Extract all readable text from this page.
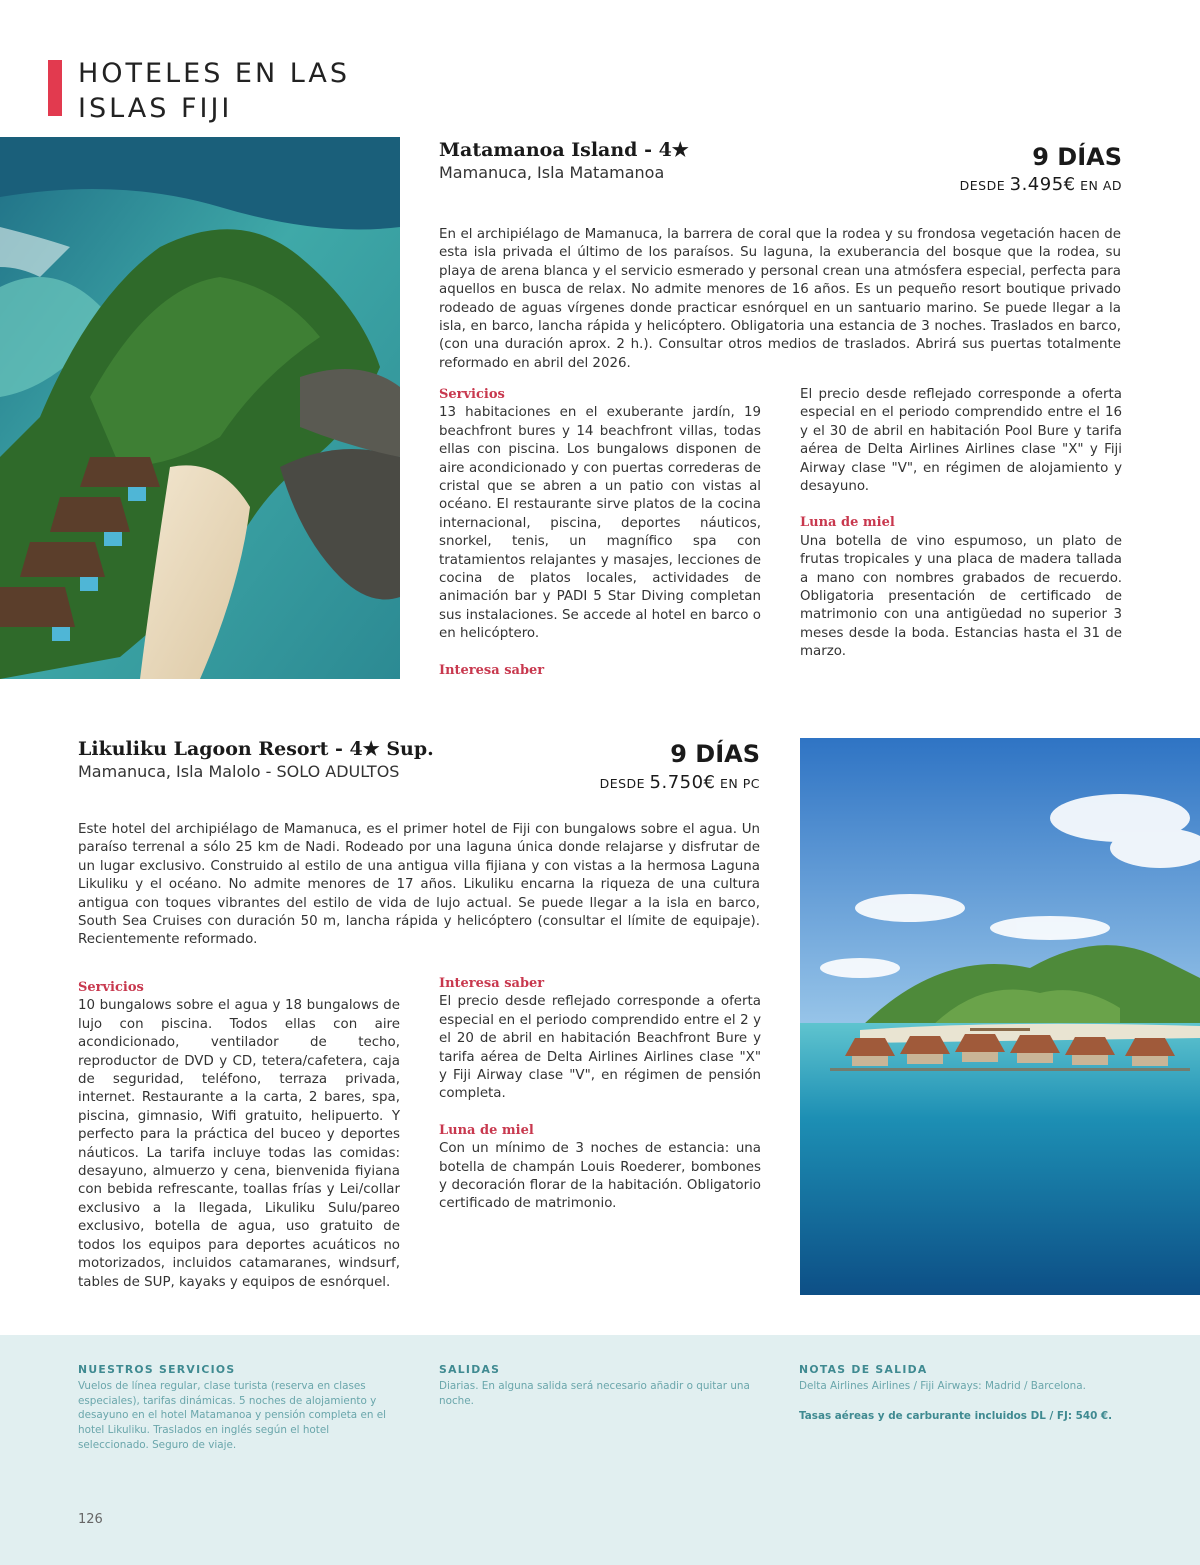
HOTELES EN LAS ISLAS FIJI
Matamanoa Island - 4★
Mamanuca, Isla Matamanoa
9 DÍAS
DESDE 3.495€ EN AD
En el archipiélago de Mamanuca, la barrera de coral que la rodea y su frondosa vegetación hacen de esta isla privada el último de los paraísos. Su laguna, la exuberancia del bosque que la rodea, su playa de arena blanca y el servicio esmerado y personal crean una atmósfera especial, perfecta para aquellos en busca de relax. No admite menores de 16 años. Es un pequeño resort boutique privado rodeado de aguas vírgenes donde practicar esnórquel en un santuario marino. Se puede llegar a la isla, en barco, lancha rápida y helicóptero. Obligatoria una estancia de 3 noches. Traslados en barco, (con una duración aprox. 2 h.). Consultar otros medios de traslados. Abrirá sus puertas totalmente reformado en abril del 2026.
Servicios
13 habitaciones en el exuberante jardín, 19 beachfront bures y 14 beachfront villas, todas ellas con piscina. Los bungalows disponen de aire acondicionado y con puertas correderas de cristal que se abren a un patio con vistas al océano. El restaurante sirve platos de la cocina internacional, piscina, deportes náuticos, snorkel, tenis, un magnífico spa con tratamientos relajantes y masajes, lecciones de cocina de platos locales, actividades de animación bar y PADI 5 Star Diving completan sus instalaciones. Se accede al hotel en barco o en helicóptero.
Interesa saber
El precio desde reflejado corresponde a oferta especial en el periodo comprendido entre el 16 y el 30 de abril en habitación Pool Bure y tarifa aérea de Delta Airlines Airlines clase "X" y Fiji Airway clase "V", en régimen de alojamiento y desayuno.
Luna de miel
Una botella de vino espumoso, un plato de frutas tropicales y una placa de madera tallada a mano con nombres grabados de recuerdo. Obligatoria presentación de certificado de matrimonio con una antigüedad no superior 3 meses desde la boda. Estancias hasta el 31 de marzo.
Likuliku Lagoon Resort - 4★ Sup.
Mamanuca, Isla Malolo - SOLO ADULTOS
9 DÍAS
DESDE 5.750€ EN PC
Este hotel del archipiélago de Mamanuca, es el primer hotel de Fiji con bungalows sobre el agua. Un paraíso terrenal a sólo 25 km de Nadi. Rodeado por una laguna única donde relajarse y disfrutar de un lugar exclusivo. Construido al estilo de una antigua villa fijiana y con vistas a la hermosa Laguna Likuliku y el océano. No admite menores de 17 años. Likuliku encarna la riqueza de una cultura antigua con toques vibrantes del estilo de vida de lujo actual. Se puede llegar a la isla en barco, South Sea Cruises con duración 50 m, lancha rápida y helicóptero (consultar el límite de equipaje). Recientemente reformado.
Servicios
10 bungalows sobre el agua y 18 bungalows de lujo con piscina. Todos ellas con aire acondicionado, ventilador de techo, reproductor de DVD y CD, tetera/cafetera, caja de seguridad, teléfono, terraza privada, internet. Restaurante a la carta, 2 bares, spa, piscina, gimnasio, Wifi gratuito, helipuerto. Y perfecto para la práctica del buceo y deportes náuticos. La tarifa incluye todas las comidas: desayuno, almuerzo y cena, bienvenida fiyiana con bebida refrescante, toallas frías y Lei/collar exclusivo a la llegada, Likuliku Sulu/pareo exclusivo, botella de agua, uso gratuito de todos los equipos para deportes acuáticos no motorizados, incluidos catamaranes, windsurf, tables de SUP, kayaks y equipos de esnórquel.
Interesa saber
El precio desde reflejado corresponde a oferta especial en el periodo comprendido entre el 2 y el 20 de abril en habitación Beachfront Bure y tarifa aérea de Delta Airlines Airlines clase "X" y Fiji Airway clase "V", en régimen de pensión completa.
Luna de miel
Con un mínimo de 3 noches de estancia: una botella de champán Louis Roederer, bombones y decoración florar de la habitación. Obligatorio certificado de matrimonio.
NUESTROS SERVICIOS
Vuelos de línea regular, clase turista (reserva en clases especiales), tarifas dinámicas. 5 noches de alojamiento y desayuno en el hotel Matamanoa y pensión completa en el hotel Likuliku. Traslados en inglés según el hotel seleccionado. Seguro de viaje.
SALIDAS
Diarias. En alguna salida será necesario añadir o quitar una noche.
NOTAS DE SALIDA
Delta Airlines Airlines / Fiji Airways: Madrid / Barcelona.
Tasas aéreas y de carburante incluidos DL / FJ: 540 €.
126
